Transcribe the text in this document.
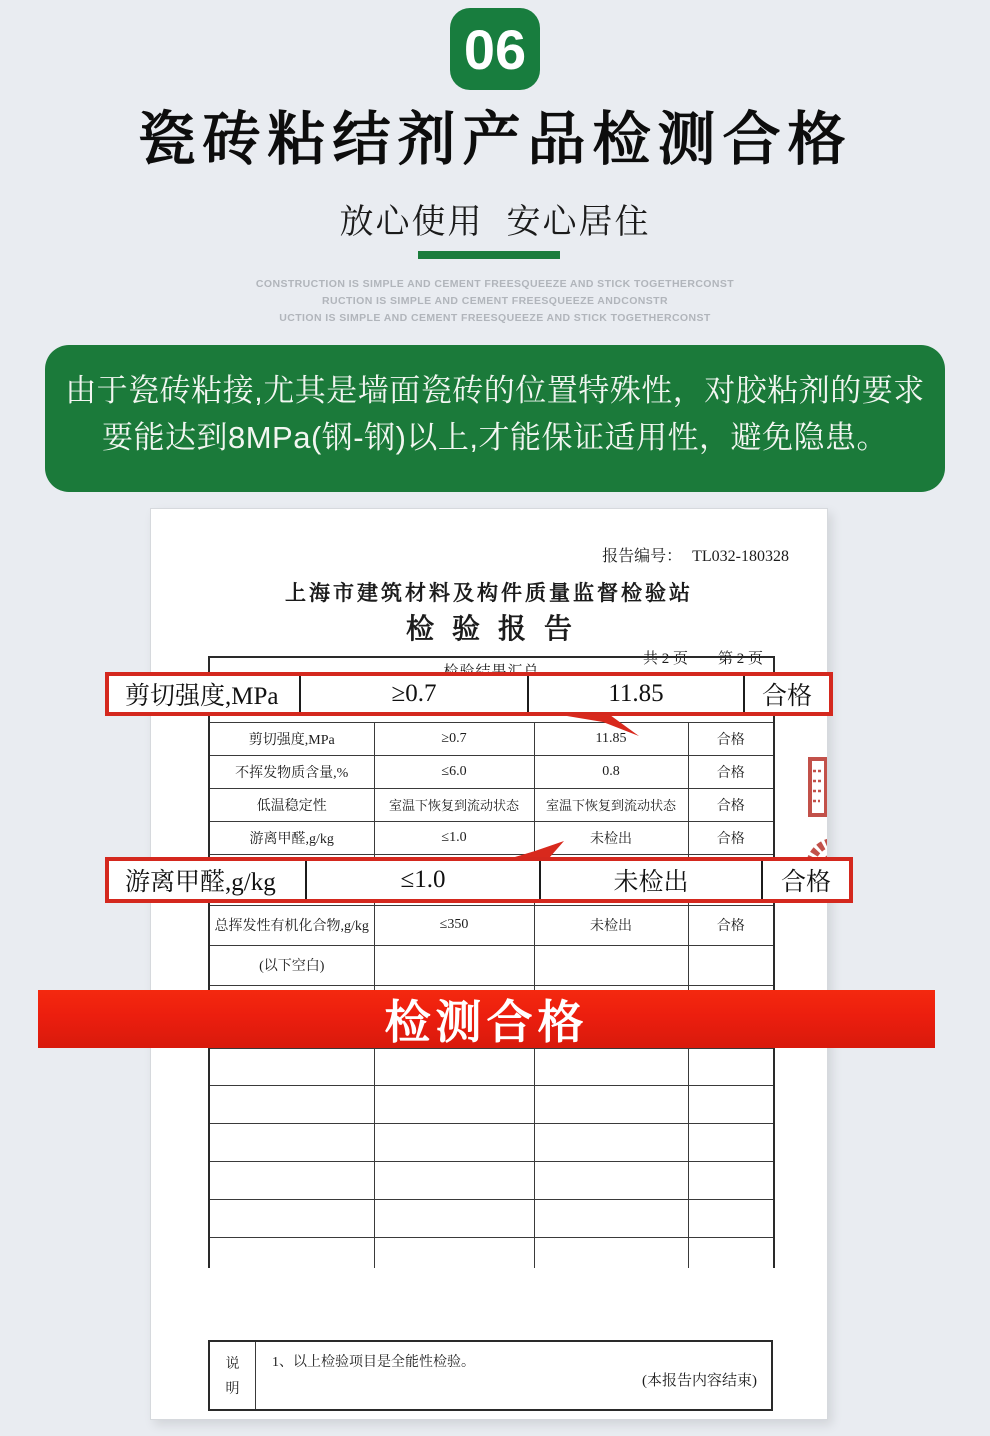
06
瓷砖粘结剂产品检测合格
放心使用  安心居住
CONSTRUCTION IS SIMPLE AND CEMENT FREESQUEEZE AND STICK TOGETHERCONST
RUCTION IS SIMPLE AND CEMENT FREESQUEEZE ANDCONSTR
UCTION IS SIMPLE AND CEMENT FREESQUEEZE AND STICK TOGETHERCONST
由于瓷砖粘接,尤其是墙面瓷砖的位置特殊性，对胶粘剂的要求
要能达到8MPa(钢-钢)以上,才能保证适用性，避免隐患。
报告编号： TL032-180328
上海市建筑材料及构件质量监督检验站
检验报告
共 2 页 第 2 页

剪切强度,MPa	≥0.7	11.85	合格
不挥发物质含量,%	≤6.0	0.8	合格
低温稳定性	室温下恢复到流动状态	室温下恢复到流动状态	合格
游离甲醛,g/kg	≤1.0	未检出	合格

总挥发性有机化合物,g/kg	≤350	未检出	合格
(以下空白)			

说
明
1、以上检验项目是全能性检验。
(本报告内容结束)
剪切强度,MPa	≥0.7	11.85	合格
游离甲醛,g/kg	≤1.0	未检出	合格
检测合格
